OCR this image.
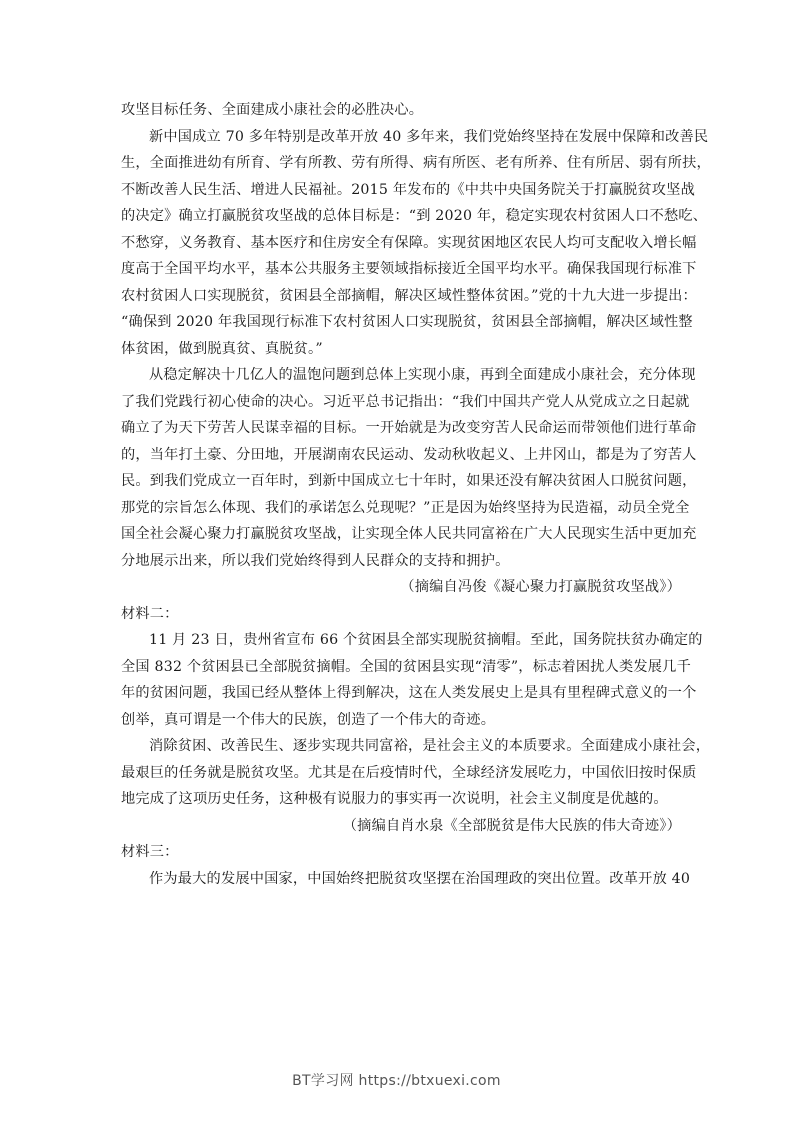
攻坚目标任务、全面建成小康社会的必胜决心。
新中国成立 70 多年特别是改革开放 40 多年来，我们党始终坚持在发展中保障和改善民
生，全面推进幼有所育、学有所教、劳有所得、病有所医、老有所养、住有所居、弱有所扶，
不断改善人民生活、增进人民福祉。2015 年发布的《中共中央国务院关于打赢脱贫攻坚战
的决定》确立打赢脱贫攻坚战的总体目标是：“到 2020 年，稳定实现农村贫困人口不愁吃、
不愁穿，义务教育、基本医疗和住房安全有保障。实现贫困地区农民人均可支配收入增长幅
度高于全国平均水平，基本公共服务主要领域指标接近全国平均水平。确保我国现行标准下
农村贫困人口实现脱贫，贫困县全部摘帽，解决区域性整体贫困。”党的十九大进一步提出：
“确保到 2020 年我国现行标准下农村贫困人口实现脱贫，贫困县全部摘帽，解决区域性整
体贫困，做到脱真贫、真脱贫。”
从稳定解决十几亿人的温饱问题到总体上实现小康，再到全面建成小康社会，充分体现
了我们党践行初心使命的决心。习近平总书记指出：“我们中国共产党人从党成立之日起就
确立了为天下劳苦人民谋幸福的目标。一开始就是为改变穷苦人民命运而带领他们进行革命
的，当年打土豪、分田地，开展湖南农民运动、发动秋收起义、上井冈山，都是为了穷苦人
民。到我们党成立一百年时，到新中国成立七十年时，如果还没有解决贫困人口脱贫问题，
那党的宗旨怎么体现、我们的承诺怎么兑现呢？”正是因为始终坚持为民造福，动员全党全
国全社会凝心聚力打赢脱贫攻坚战，让实现全体人民共同富裕在广大人民现实生活中更加充
分地展示出来，所以我们党始终得到人民群众的支持和拥护。
（摘编自冯俊《凝心聚力打赢脱贫攻坚战》）
材料二：
11 月 23 日，贵州省宣布 66 个贫困县全部实现脱贫摘帽。至此，国务院扶贫办确定的
全国 832 个贫困县已全部脱贫摘帽。全国的贫困县实现“清零”，标志着困扰人类发展几千
年的贫困问题，我国已经从整体上得到解决，这在人类发展史上是具有里程碑式意义的一个
创举，真可谓是一个伟大的民族，创造了一个伟大的奇迹。
消除贫困、改善民生、逐步实现共同富裕，是社会主义的本质要求。全面建成小康社会，
最艰巨的任务就是脱贫攻坚。尤其是在后疫情时代，全球经济发展吃力，中国依旧按时保质
地完成了这项历史任务，这种极有说服力的事实再一次说明，社会主义制度是优越的。
（摘编自肖水泉《全部脱贫是伟大民族的伟大奇迹》）
材料三：
作为最大的发展中国家，中国始终把脱贫攻坚摆在治国理政的突出位置。改革开放 40
BT学习网 https://btxuexi.com
